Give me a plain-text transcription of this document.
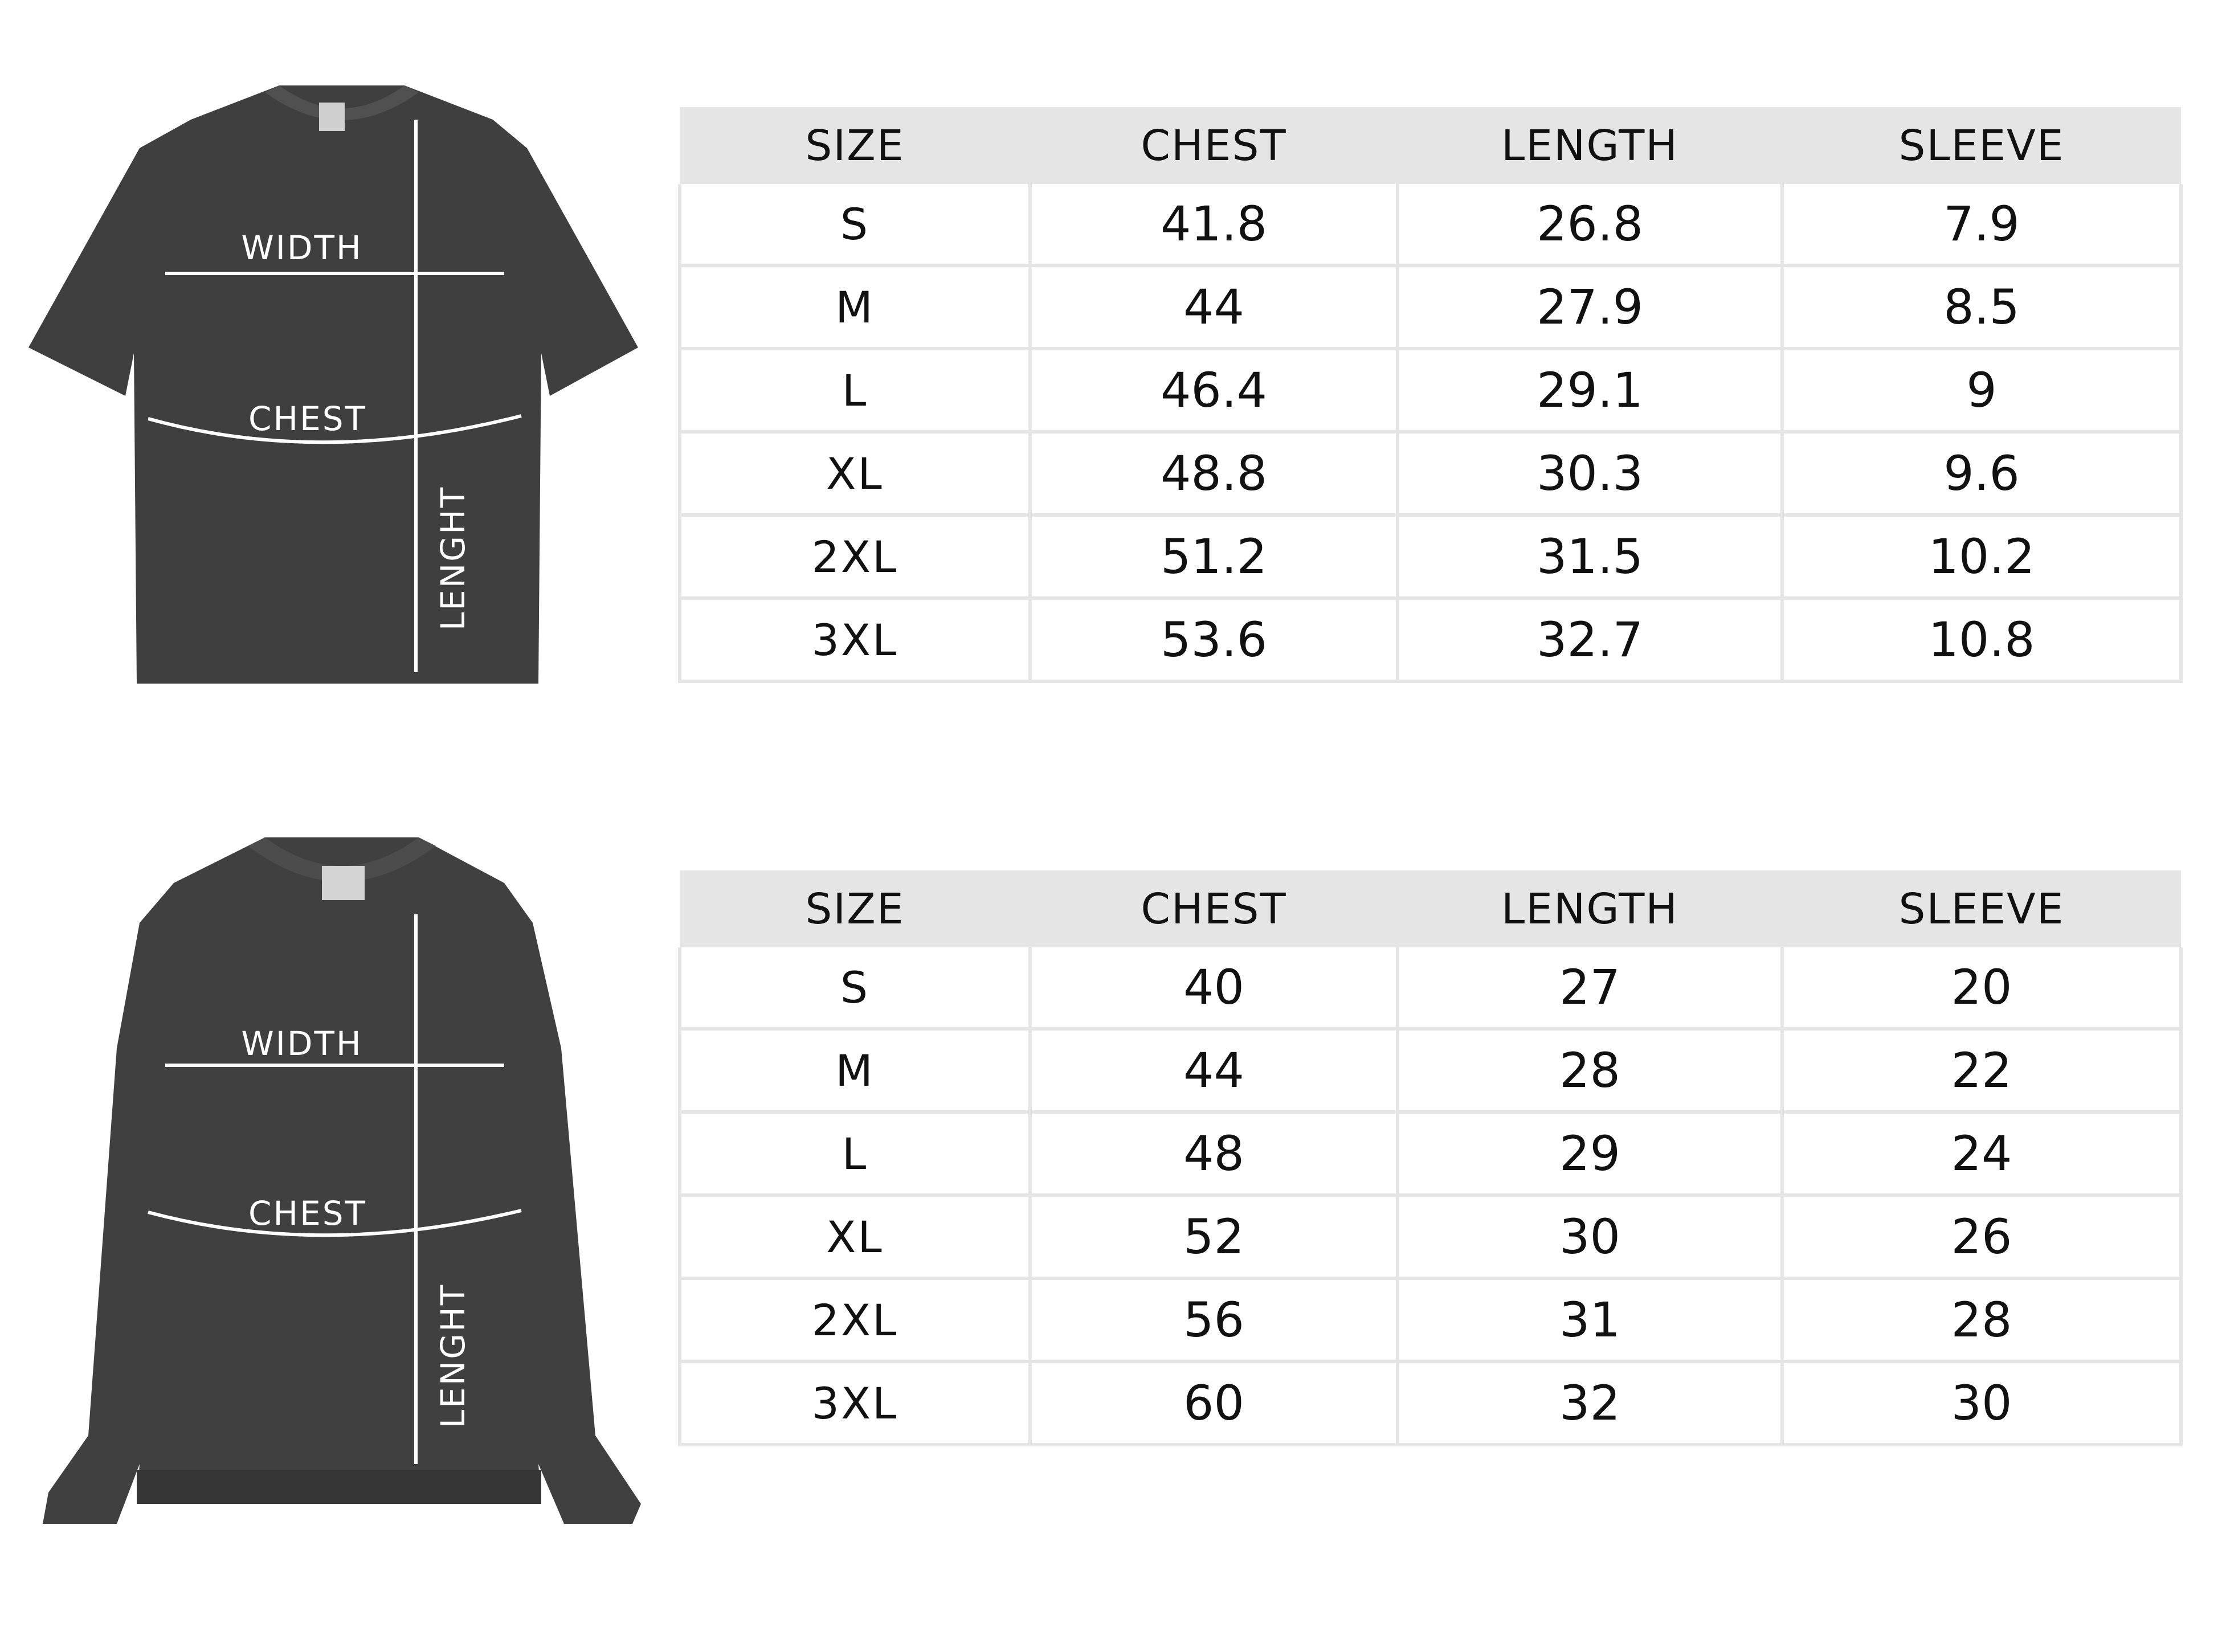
WIDTH
CHEST
LENGHT
WIDTH
CHEST
LENGHT
SIZE	CHEST	LENGTH	SLEEVE
S	41.8	26.8	7.9
M	44	27.9	8.5
L	46.4	29.1	9
XL	48.8	30.3	9.6
2XL	51.2	31.5	10.2
3XL	53.6	32.7	10.8
SIZE	CHEST	LENGTH	SLEEVE
S	40	27	20
M	44	28	22
L	48	29	24
XL	52	30	26
2XL	56	31	28
3XL	60	32	30
